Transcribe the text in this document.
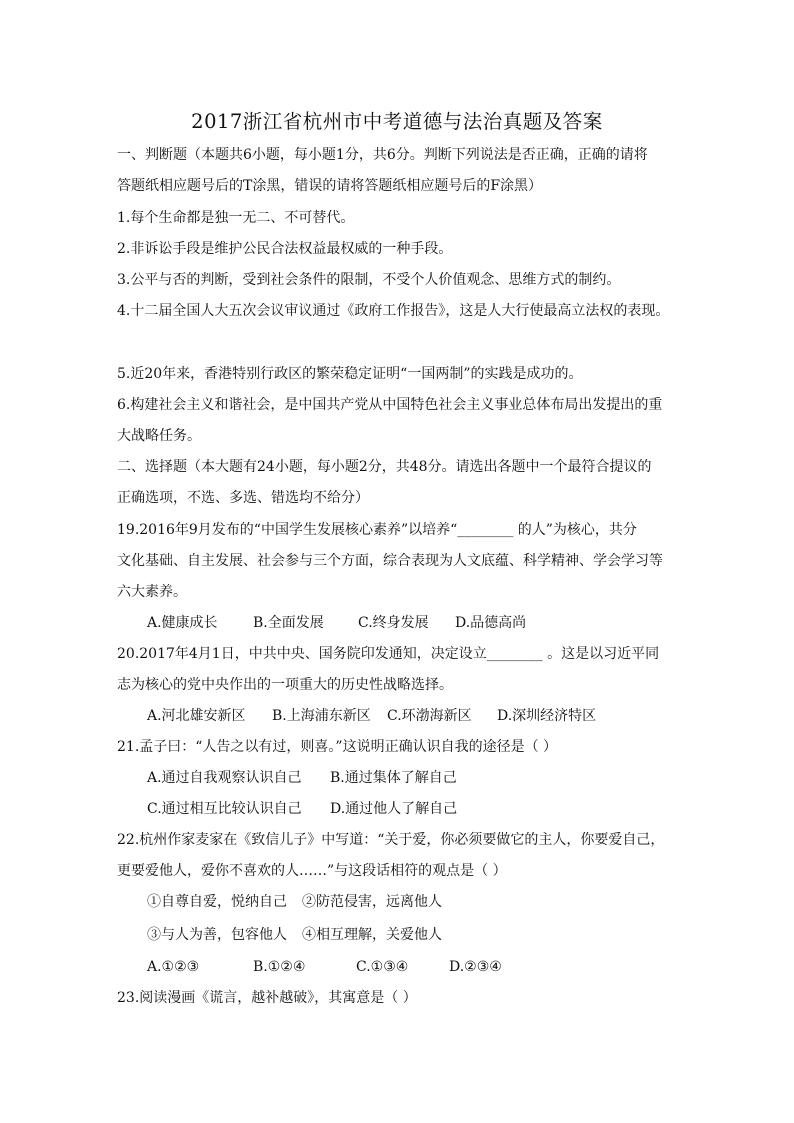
2017浙江省杭州市中考道德与法治真题及答案
一、判断题（本题共6小题，每小题1分，共6分。判断下列说法是否正确，正确的请将
答题纸相应题号后的T涂黑，错误的请将答题纸相应题号后的F涂黑）
1.每个生命都是独一无二、不可替代。
2.非诉讼手段是维护公民合法权益最权威的一种手段。
3.公平与否的判断，受到社会条件的限制，不受个人价值观念、思维方式的制约。
4.十二届全国人大五次会议审议通过《政府工作报告》，这是人大行使最高立法权的表现。
5.近20年来，香港特别行政区的繁荣稳定证明“一国两制”的实践是成功的。
6.构建社会主义和谐社会，是中国共产党从中国特色社会主义事业总体布局出发提出的重
大战略任务。
二、选择题（本大题有24小题，每小题2分，共48分。请选出各题中一个最符合提议的
正确选项，不选、多选、错选均不给分）
19.2016年9月发布的“中国学生发展核心素养”以培养“________ 的人”为核心，共分
文化基础、自主发展、社会参与三个方面，综合表现为人文底蕴、科学精神、学会学习等
六大素养。
A.健康成长	B.全面发展 C.终身发展 D.品德高尚
20.2017年4月1日，中共中央、国务院印发通知，决定设立________ 。这是以习近平同
志为核心的党中央作出的一项重大的历史性战略选择。
A.河北雄安新区 B.上海浦东新区 C.环渤海新区 D.深圳经济特区
21.孟子曰：“人告之以有过，则喜。”这说明正确认识自我的途径是（ ）
A.通过自我观察认识自己 B.通过集体了解自己
C.通过相互比较认识自己 D.通过他人了解自己
22.杭州作家麦家在《致信儿子》中写道：“关于爱，你必须要做它的主人，你要爱自己，
更要爱他人，爱你不喜欢的人……”与这段话相符的观点是（ ）
①自尊自爱，悦纳自己 ②防范侵害，远离他人
③与人为善，包容他人 ④相互理解，关爱他人
A.①②③	B.①②④	C.①③④	D.②③④
23.阅读漫画《谎言，越补越破》，其寓意是（ ）
